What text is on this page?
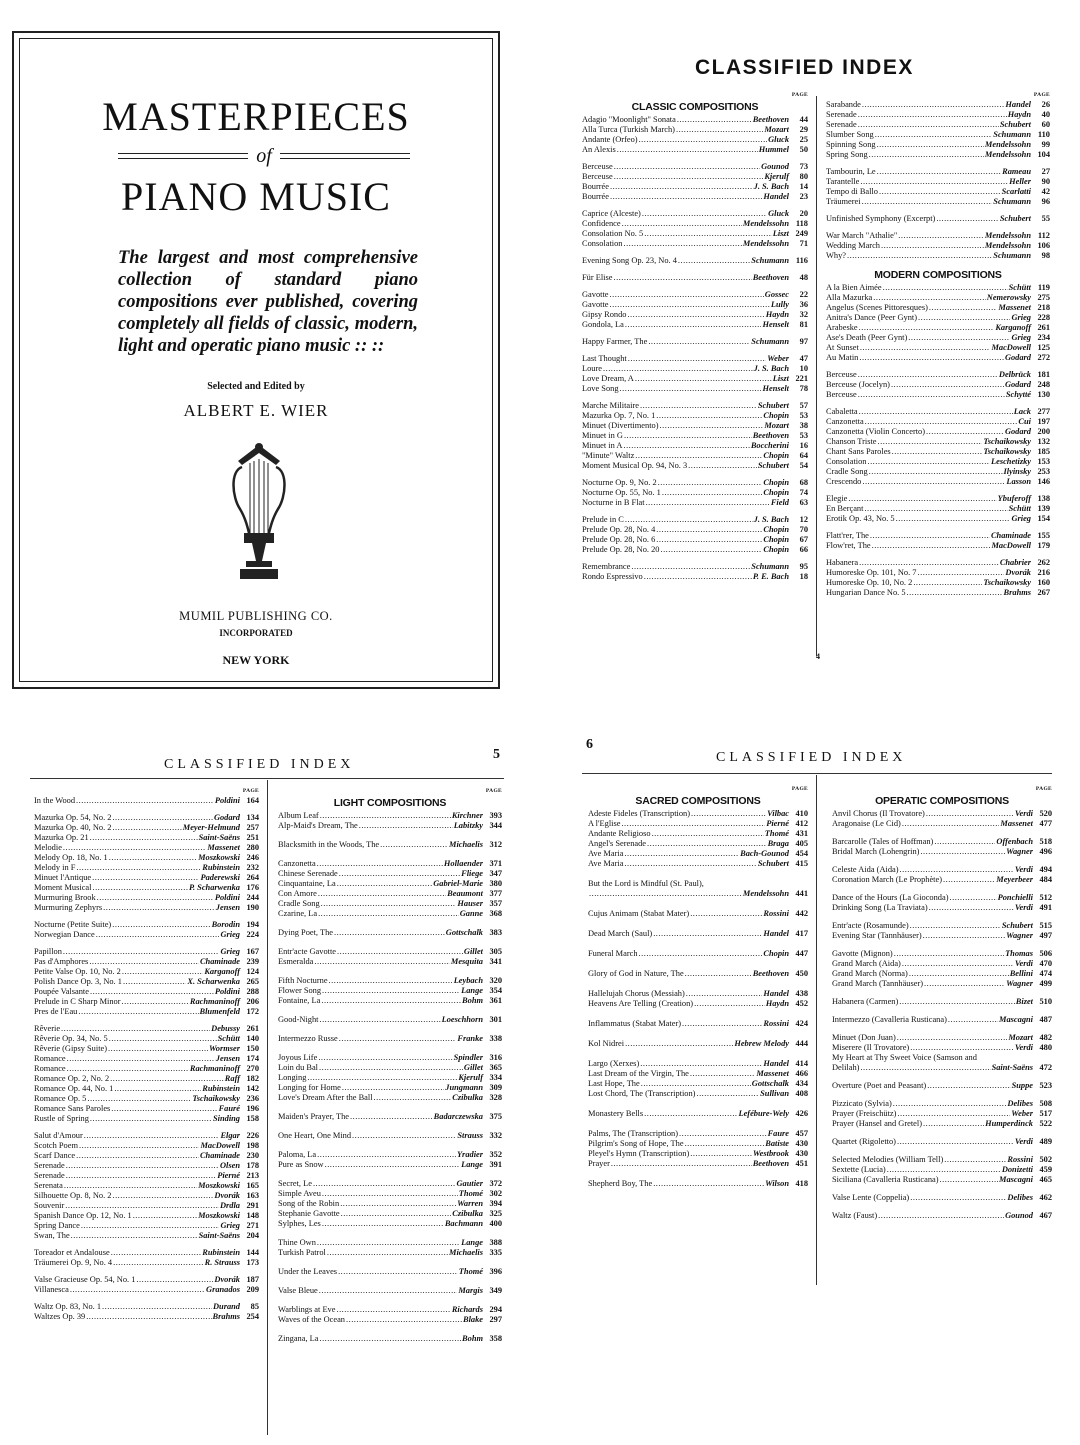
MASTERPIECES
of
PIANO MUSIC

The largest and most comprehensive collection of standard piano compositions ever published, covering completely all fields of classic, modern, light and operatic piano music :: ::

Selected and Edited by
ALBERT E. WIER
MUMIL PUBLISHING CO.
INCORPORATED
NEW YORK
CLASSIFIED INDEX
4
PAGE
CLASSIC COMPOSITIONS
Adagio "Moonlight" Sonata .....	Beethoven	44
Alla Turca (Turkish March) .....	Mozart	29
Andante (Orfeo) .....	Gluck	25
An Alexis .....	Hummel	50
Berceuse .....	Gounod	73
Berceuse .....	Kjerulf	80
Bourrée .....	J. S. Bach	14
Bourrée .....	Handel	23
Caprice (Alceste) .....	Gluck	20
Confidence .....	Mendelssohn 118
Consolation No. 5 .....	Liszt 249
Consolation .....	Mendelssohn	71
Evening Song Op. 23, No. 4 .....	Schumann 116
Für Elise .....	Beethoven	48
Gavotte .....	Gossec	22
Gavotte .....	Lully	36
Gipsy Rondo .....	Haydn	32
Gondola, La .....	Henselt	81
Happy Farmer, The .....	Schumann	97
Last Thought .....	Weber	47
Loure .....	J. S. Bach	10
Love Dream, A .....	Liszt 221
Love Song .....	Henselt	78
Marche Militaire .....	Schubert	57
Mazurka Op. 7, No. 1 .....	Chopin	53
Minuet (Divertimento) .....	Mozart	38
Minuet in G .....	Beethoven	53
Minuet in A .....	Boccherini	16
"Minute" Waltz .....	Chopin	64
Moment Musical Op. 94, No. 3 .....	Schubert	54
Nocturne Op. 9, No. 2 .....	Chopin	68
Nocturne Op. 55, No. 1 .....	Chopin	74
Nocturne in B Flat .....	Field	63
Prelude in C .....	J. S. Bach	12
Prelude Op. 28, No. 4 .....	Chopin	70
Prelude Op. 28, No. 6 .....	Chopin	67
Prelude Op. 28, No. 20 .....	Chopin	66
Remembrance .....	Schumann	95
Rondo Espressivo .....	P. E. Bach	18
PAGE
Sarabande .....	Handel	26
Serenade .....	Haydn	40
Serenade .....	Schubert	60
Slumber Song .....	Schumann 110
Spinning Song .....	Mendelssohn	99
Spring Song .....	Mendelssohn 104
Tambourin, Le .....	Rameau	27
Tarantelle .....	Heller	90
Tempo di Ballo .....	Scarlatti	42
Träumerei .....	Schumann	96
Unfinished Symphony (Excerpt) .....	Schubert	55
War March "Athalie" .....	Mendelssohn 112
Wedding March .....	Mendelssohn 106
Why? .....	Schumann	98
MODERN COMPOSITIONS
A la Bien Aimée .....	Schütt 119
Alla Mazurka .....	Nemerowsky 275
Angelus (Scenes Pittoresques) .....	Massenet 218
Anitra's Dance (Peer Gynt) .....	Grieg 228
Arabeske .....	Karganoff 261
Ase's Death (Peer Gynt) .....	Grieg 234
At Sunset .....	MacDowell 125
Au Matin .....	Godard 272
Berceuse .....	Delbrück 181
Berceuse (Jocelyn) .....	Godard 248
Berceuse .....	Schytté 130
Cabaletta .....	Lack 277
Canzonetta .....	Cui 197
Canzonetta (Violin Concerto) .....	Godard 200
Chanson Triste .....	Tschaikowsky 132
Chant Sans Paroles .....	Tschaikowsky 185
Consolation .....	Leschetizky 153
Cradle Song .....	Ilyinsky 253
Crescendo .....	Lasson 146
Elegie .....	Ybuferoff 138
En Berçant .....	Schütt 139
Erotik Op. 43, No. 5 .....	Grieg 154
Flatt'rer, The .....	Chaminade 155
Flow'ret, The .....	MacDowell 179
Habanera .....	Chabrier 262
Humoreske Op. 101, No. 7 .....	Dvorák 216
Humoreske Op. 10, No. 2 .....	Tschaikowsky 160
Hungarian Dance No. 5 .....	Brahms 267
CLASSIFIED INDEX
5
PAGE
In the Wood .....	Poldini 164
Mazurka Op. 54, No. 2 .....	Godard 134
Mazurka Op. 40, No. 2 .....	Meyer-Helmund 257
Mazurka Op. 21 .....	Saint-Saëns 251
Melodie .....	Massenet 280
Melody Op. 18, No. 1 .....	Moszkowski 246
Melody in F .....	Rubinstein 232
Minuet l'Antique .....	Paderewski 264
Moment Musical .....	P. Scharwenka 176
Murmuring Brook .....	Poldini 244
Murmuring Zephyrs .....	Jensen 190
Nocturne (Petite Suite) .....	Borodin 194
Norwegian Dance .....	Grieg 224
Papillon .....	Grieg 167
Pas d'Amphores .....	Chaminade 239
Petite Valse Op. 10, No. 2 .....	Karganoff 124
Polish Dance Op. 3, No. 1 .....	X. Scharwenka 265
Poupée Valsante .....	Poldini 288
Prelude in C Sharp Minor .....	Rachmaninoff 206
Pres de l'Eau .....	Blumenfeld 172
Rêverie .....	Debussy 261
Rêverie Op. 34, No. 5 .....	Schütt 140
Rêverie (Gipsy Suite) .....	Wormser 150
Romance .....	Jensen 174
Romance .....	Rachmaninoff 270
Romance Op. 2, No. 2 .....	Raff 182
Romance Op. 44, No. 1 .....	Rubinstein 142
Romance Op. 5 .....	Tschaikowsky 236
Romance Sans Paroles .....	Fauré 196
Rustle of Spring .....	Sinding 158
Salut d'Amour .....	Elgar 226
Scotch Poem .....	MacDowell 198
Scarf Dance .....	Chaminade 230
Serenade .....	Olsen 178
Serenade .....	Pierné 213
Serenata .....	Moszkowski 165
Silhouette Op. 8, No. 2 .....	Dvorák 163
Souvenir .....	Drdla 291
Spanish Dance Op. 12, No. 1 .....	Moszkowski 148
Spring Dance .....	Grieg 271
Swan, The .....	Saint-Saëns 204
Toreador et Andalouse .....	Rubinstein 144
Träumerei Op. 9, No. 4 .....	R. Strauss 173
Valse Gracieuse Op. 54, No. 1 .....	Dvorák 187
Villanesca .....	Granados 209
Waltz Op. 83, No. 1 .....	Durand	85
Waltzes Op. 39 .....	Brahms 254
PAGE
LIGHT COMPOSITIONS
Album Leaf .....	Kirchner 393
Alp-Maid's Dream, The .....	Labitzky 344
Blacksmith in the Woods, The .....	Michaelis 312
Canzonetta .....	Hollaender 371
Chinese Serenade .....	Fliege 347
Cinquantaine, La .....	Gabriel-Marie 380
Con Amore .....	Beaumont 377
Cradle Song .....	Hauser 357
Czarine, La .....	Ganne 368
Dying Poet, The .....	Gottschalk 383
Entr'acte Gavotte .....	Gillet 305
Esmeralda .....	Mesquita 341
Fifth Nocturne .....	Leybach 320
Flower Song .....	Lange 354
Fontaine, La .....	Bohm 361
Good-Night .....	Loeschhorn 301
Intermezzo Russe .....	Franke 338
Joyous Life .....	Spindler 316
Loin du Bal .....	Gillet 365
Longing .....	Kjerulf 334
Longing for Home .....	Jungmann 309
Love's Dream After the Ball .....	Czibulka 328
Maiden's Prayer, The .....	Badarczewska 375
One Heart, One Mind .....	Strauss 332
Paloma, La .....	Yradier 352
Pure as Snow .....	Lange 391
Secret, Le .....	Gautier 372
Simple Aveu .....	Thomé 302
Song of the Robin .....	Warren 394
Stephanie Gavotte .....	Czibulka 325
Sylphes, Les .....	Bachmann 400
Thine Own .....	Lange 388
Turkish Patrol .....	Michaelis 335
Under the Leaves .....	Thomé 396
Valse Bleue .....	Margis 349
Warblings at Eve .....	Richards 294
Waves of the Ocean .....	Blake 297
Zingana, La .....	Bohm 358
6
CLASSIFIED INDEX
PAGE
SACRED COMPOSITIONS
Adeste Fideles (Transcription) .....	Vilbac 410
A l'Eglise .....	Pierné 412
Andante Religioso .....	Thomé 431
Angel's Serenade .....	Braga 405
Ave Maria .....	Bach-Gounod 454
Ave Maria .....	Schubert 415
But the Lord is Mindful (St. Paul),
.....
Mendelssohn 441
Cujus Animam (Stabat Mater) .....	Rossini 442
Dead March (Saul) .....	Handel 417
Funeral March .....	Chopin 447
Glory of God in Nature, The .....	Beethoven 450
Hallelujah Chorus (Messiah) .....	Handel 438
Heavens Are Telling (Creation) .....	Haydn 452
Inflammatus (Stabat Mater) .....	Rossini 424
Kol Nidrei .....	Hebrew Melody 444
Largo (Xerxes) .....	Handel 414
Last Dream of the Virgin, The .....	Massenet 466
Last Hope, The .....	Gottschalk 434
Lost Chord, The (Transcription) .....	Sullivan 408
Monastery Bells .....	Lefébure-Wely 426
Palms, The (Transcription) .....	Faure 457
Pilgrim's Song of Hope, The .....	Batiste 430
Pleyel's Hymn (Transcription) .....	Westbrook 430
Prayer .....	Beethoven 451
Shepherd Boy, The .....	Wilson 418
PAGE
OPERATIC COMPOSITIONS
Anvil Chorus (Il Trovatore) .....	Verdi 520
Aragonaise (Le Cid) .....	Massenet 477
Barcarolle (Tales of Hoffman) .....	Offenbach 518
Bridal March (Lohengrin) .....	Wagner 496
Celeste Aida (Aida) .....	Verdi 494
Coronation March (Le Prophète) .....	Meyerbeer 484
Dance of the Hours (La Gioconda) .....	Ponchielli 512
Drinking Song (La Traviata) .....	Verdi 491
Entr'acte (Rosamunde) .....	Schubert 515
Evening Star (Tannhäuser) .....	Wagner 497
Gavotte (Mignon) .....	Thomas 506
Grand March (Aida) .....	Verdi 470
Grand March (Norma) .....	Bellini 474
Grand March (Tannhäuser) .....	Wagner 499
Habanera (Carmen) .....	Bizet 510
Intermezzo (Cavalleria Rusticana) .....	Mascagni 487
Minuet (Don Juan) .....	Mozart 482
Miserere (Il Trovatore) .....	Verdi 480
My Heart at Thy Sweet Voice (Samson and
Delilah) .....	Saint-Saëns 472
Overture (Poet and Peasant) .....	Suppe 523
Pizzicato (Sylvia) .....	Delibes 508
Prayer (Freischütz) .....	Weber 517
Prayer (Hansel and Gretel) .....	Humperdinck 522
Quartet (Rigoletto) .....	Verdi 489
Selected Melodies (William Tell) .....	Rossini 502
Sextette (Lucia) .....	Donizetti 459
Siciliana (Cavalleria Rusticana) .....	Mascagni 465
Valse Lente (Coppelia) .....	Delibes 462
Waltz (Faust) .....	Gounod 467
